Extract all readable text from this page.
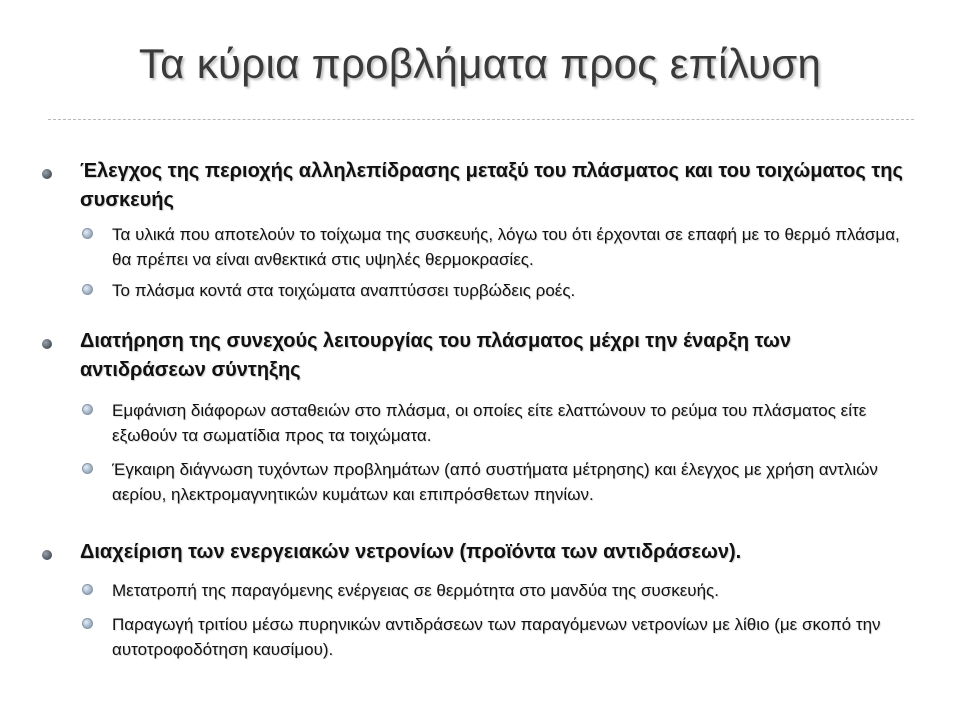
Τα κύρια προβλήματα προς επίλυση
Έλεγχος της περιοχής αλληλεπίδρασης μεταξύ του πλάσματος και του τοιχώματος της συσκευής
Τα υλικά που αποτελούν το τοίχωμα της συσκευής, λόγω του ότι έρχονται σε επαφή με το θερμό πλάσμα, θα πρέπει να είναι ανθεκτικά στις υψηλές θερμοκρασίες.
Το πλάσμα κοντά στα τοιχώματα αναπτύσσει τυρβώδεις ροές.
Διατήρηση της συνεχούς λειτουργίας του πλάσματος μέχρι την έναρξη των αντιδράσεων σύντηξης
Εμφάνιση διάφορων ασταθειών στο πλάσμα, οι οποίες είτε ελαττώνουν το ρεύμα του πλάσματος είτε εξωθούν τα σωματίδια προς τα τοιχώματα.
Έγκαιρη διάγνωση τυχόντων προβλημάτων (από συστήματα μέτρησης) και έλεγχος με χρήση αντλιών αερίου, ηλεκτρομαγνητικών κυμάτων και επιπρόσθετων πηνίων.
Διαχείριση των ενεργειακών νετρονίων (προϊόντα των αντιδράσεων).
Μετατροπή της παραγόμενης ενέργειας σε θερμότητα στο μανδύα της συσκευής.
Παραγωγή τριτίου μέσω πυρηνικών αντιδράσεων των παραγόμενων νετρονίων με λίθιο (με σκοπό την αυτοτροφοδότηση καυσίμου).
